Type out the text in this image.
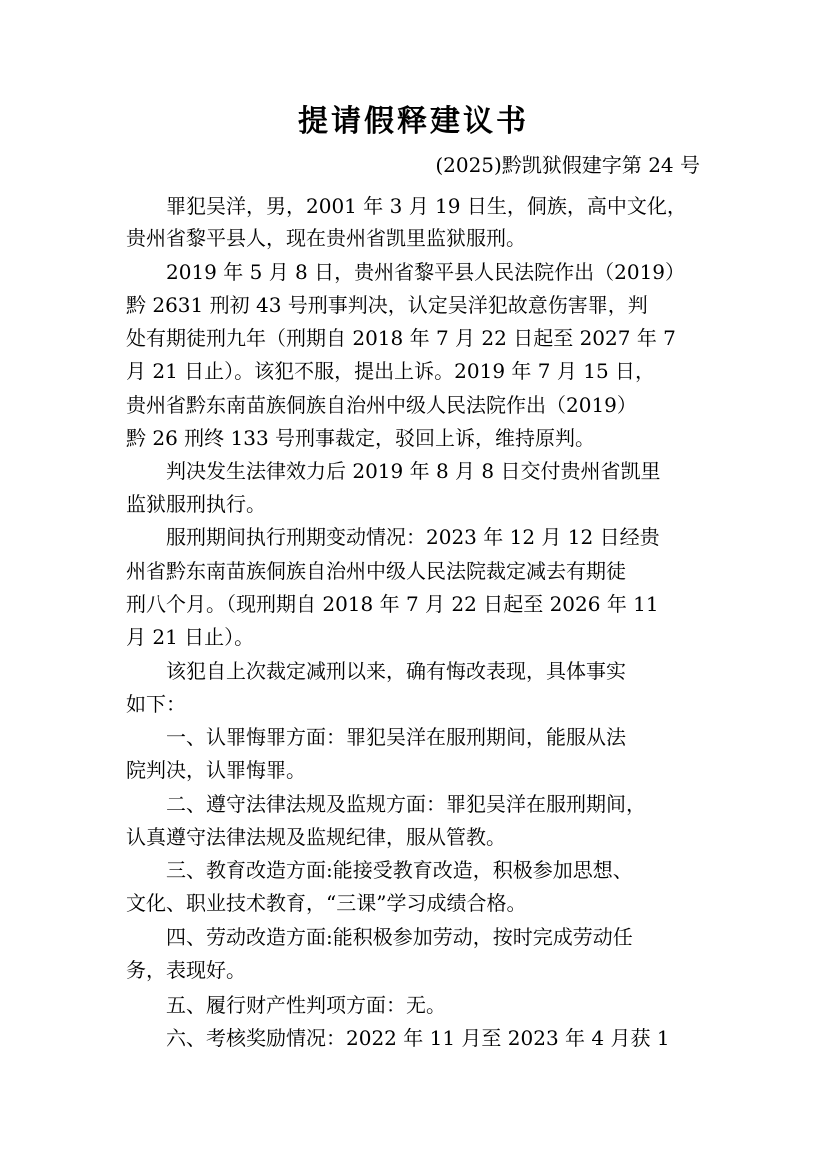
提请假释建议书
(2025)黔凯狱假建字第 24 号
　　罪犯吴洋，男，2001 年 3 月 19 日生，侗族，高中文化，
贵州省黎平县人，现在贵州省凯里监狱服刑。
　　2019 年 5 月 8 日，贵州省黎平县人民法院作出（2019）
黔 2631 刑初 43 号刑事判决，认定吴洋犯故意伤害罪，判
处有期徒刑九年（刑期自 2018 年 7 月 22 日起至 2027 年 7
月 21 日止）。该犯不服，提出上诉。2019 年 7 月 15 日，
贵州省黔东南苗族侗族自治州中级人民法院作出（2019）
黔 26 刑终 133 号刑事裁定，驳回上诉，维持原判。
　　判决发生法律效力后 2019 年 8 月 8 日交付贵州省凯里
监狱服刑执行。
　　服刑期间执行刑期变动情况：2023 年 12 月 12 日经贵
州省黔东南苗族侗族自治州中级人民法院裁定减去有期徒
刑八个月。（现刑期自 2018 年 7 月 22 日起至 2026 年 11
月 21 日止）。
　　该犯自上次裁定减刑以来，确有悔改表现，具体事实
如下：
　　一、认罪悔罪方面：罪犯吴洋在服刑期间，能服从法
院判决，认罪悔罪。
　　二、遵守法律法规及监规方面：罪犯吴洋在服刑期间，
认真遵守法律法规及监规纪律，服从管教。
　　三、教育改造方面:能接受教育改造，积极参加思想、
文化、职业技术教育，“三课”学习成绩合格。
　　四、劳动改造方面:能积极参加劳动，按时完成劳动任
务，表现好。
　　五、履行财产性判项方面：无。
　　六、考核奖励情况：2022 年 11 月至 2023 年 4 月获 1
